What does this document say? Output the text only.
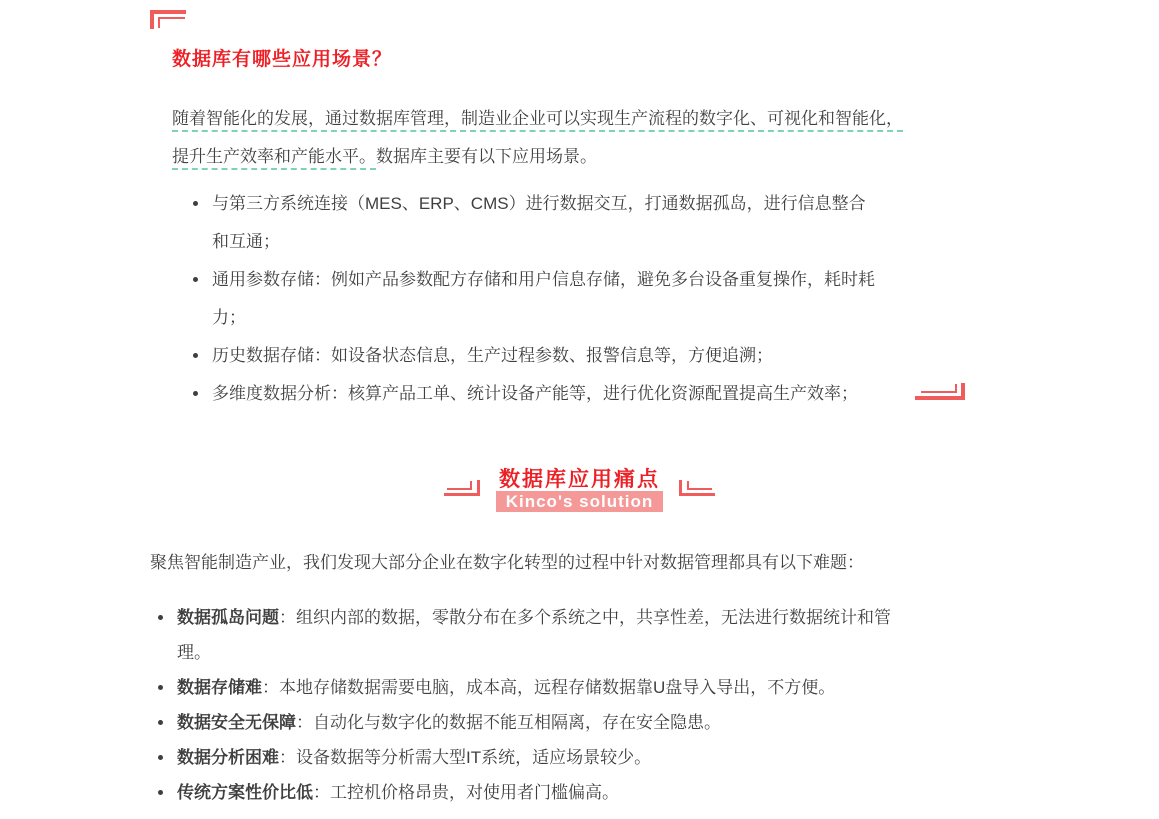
数据库有哪些应用场景？

随着智能化的发展，通过数据库管理，制造业企业可以实现生产流程的数字化、可视化和智能化，
提升生产效率和产能水平。数据库主要有以下应用场景。

• 与第三方系统连接（MES、ERP、CMS）进行数据交互，打通数据孤岛，进行信息整合和互通；
• 通用参数存储：例如产品参数配方存储和用户信息存储，避免多台设备重复操作，耗时耗力；
• 历史数据存储：如设备状态信息，生产过程参数、报警信息等，方便追溯；
• 多维度数据分析：核算产品工单、统计设备产能等，进行优化资源配置提高生产效率；
数据库应用痛点
Kinco's solution

聚焦智能制造产业，我们发现大部分企业在数字化转型的过程中针对数据管理都具有以下难题：

• 数据孤岛问题：组织内部的数据，零散分布在多个系统之中，共享性差，无法进行数据统计和管理。
• 数据存储难：本地存储数据需要电脑，成本高，远程存储数据靠U盘导入导出，不方便。
• 数据安全无保障：自动化与数字化的数据不能互相隔离，存在安全隐患。
• 数据分析困难：设备数据等分析需大型IT系统，适应场景较少。
• 传统方案性价比低：工控机价格昂贵，对使用者门槛偏高。
